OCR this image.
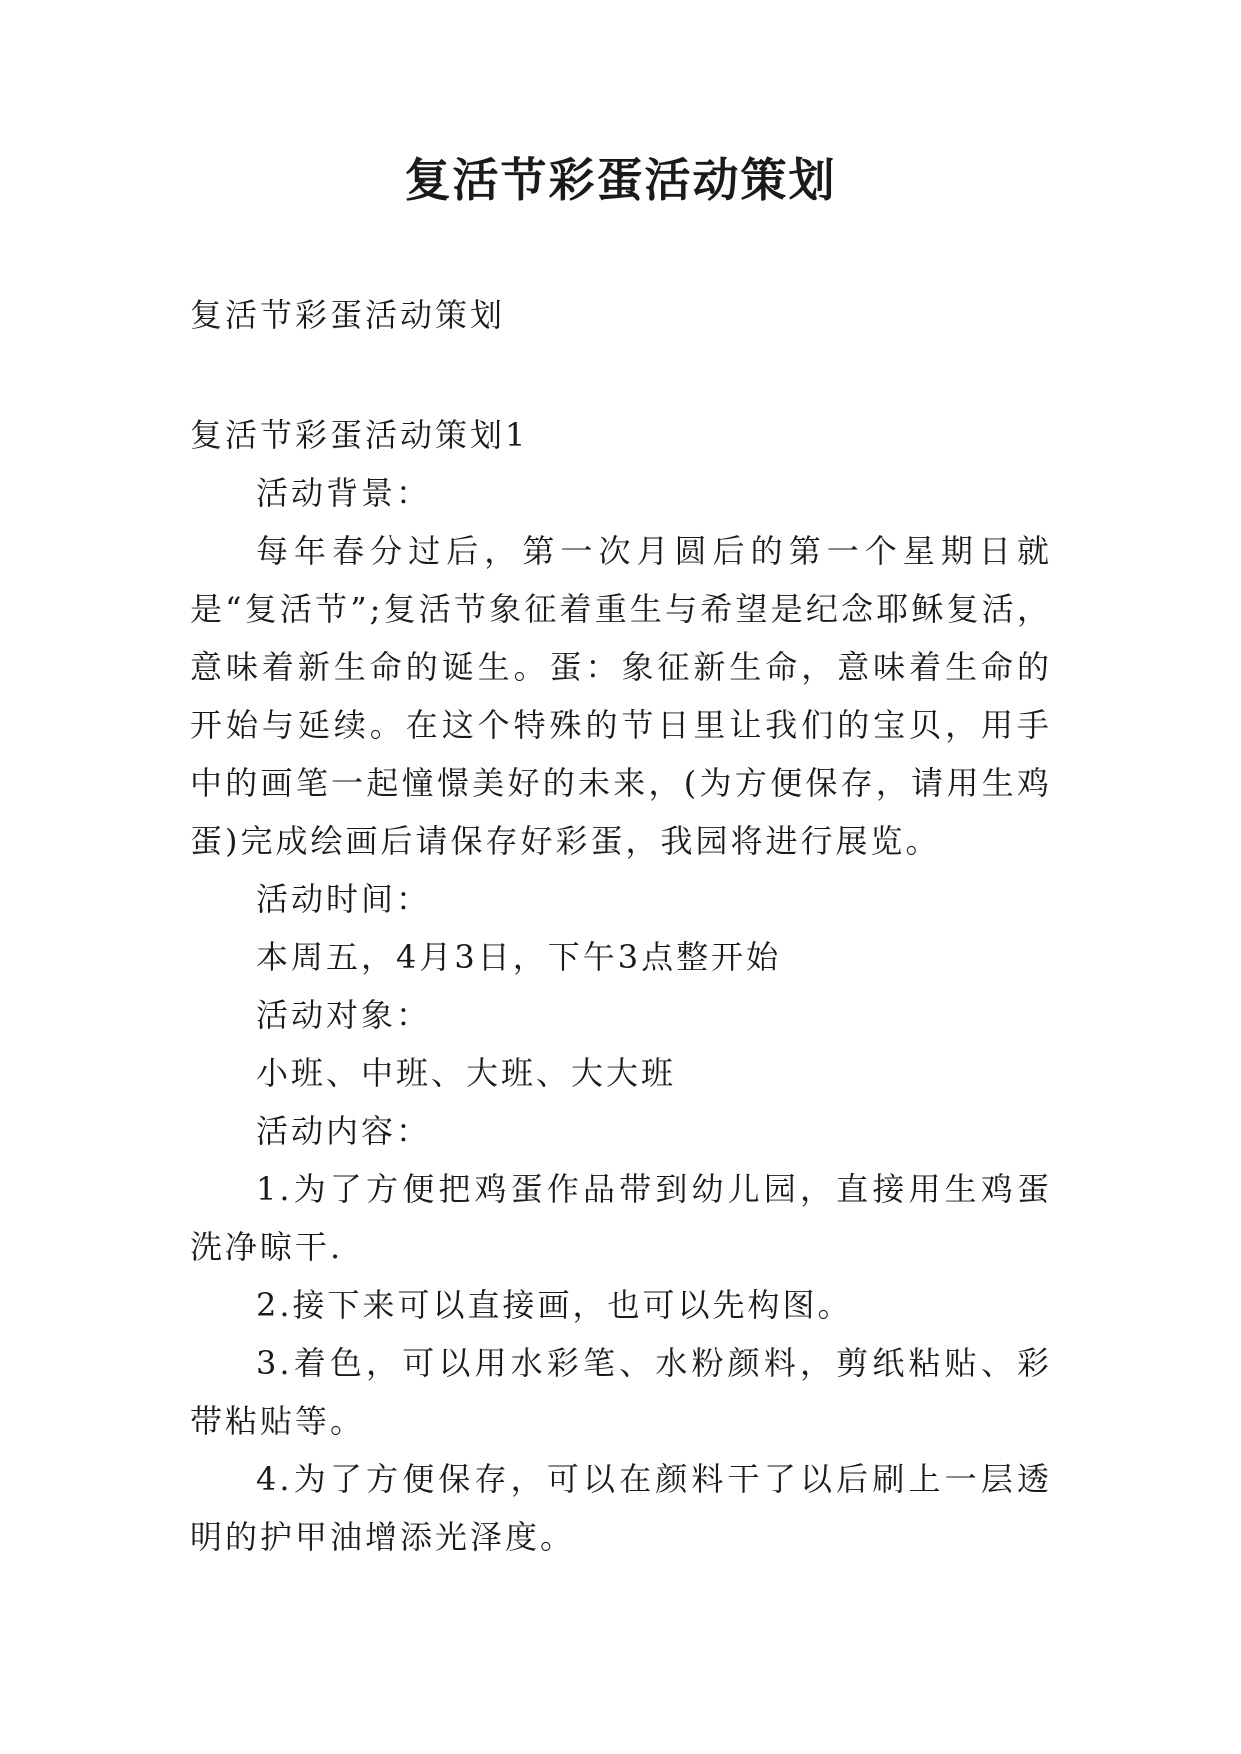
复活节彩蛋活动策划
复活节彩蛋活动策划

复活节彩蛋活动策划1

活动背景：

每年春分过后，第一次月圆后的第一个星期日就是“复活节”;复活节象征着重生与希望是纪念耶稣复活，意味着新生命的诞生。蛋：象征新生命，意味着生命的开始与延续。在这个特殊的节日里让我们的宝贝，用手中的画笔一起憧憬美好的未来，(为方便保存，请用生鸡蛋)完成绘画后请保存好彩蛋，我园将进行展览。

活动时间：

本周五，4月3日，下午3点整开始

活动对象：

小班、中班、大班、大大班

活动内容：

1.为了方便把鸡蛋作品带到幼儿园，直接用生鸡蛋洗净晾干.

2.接下来可以直接画，也可以先构图。

3.着色，可以用水彩笔、水粉颜料，剪纸粘贴、彩带粘贴等。

4.为了方便保存，可以在颜料干了以后刷上一层透明的护甲油增添光泽度。
